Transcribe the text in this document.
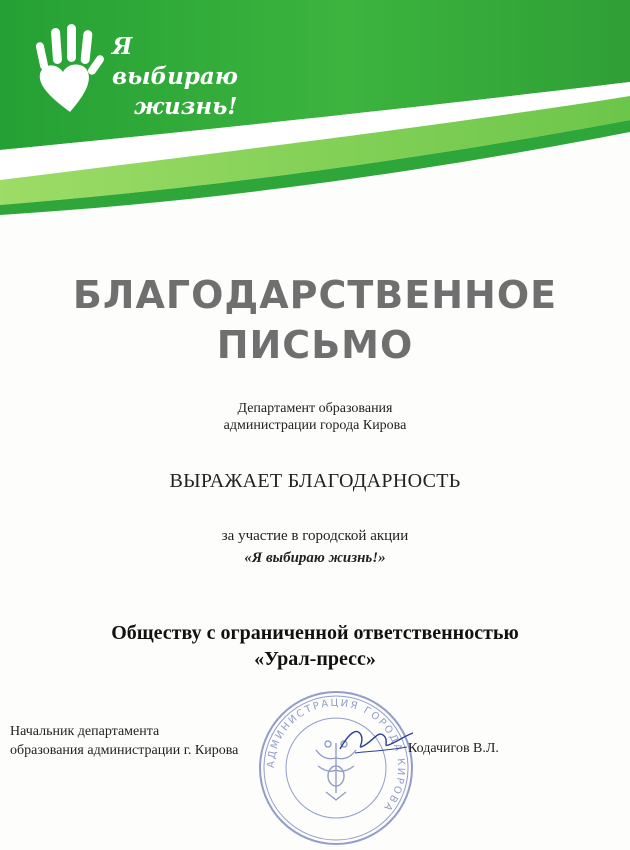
Я выбираю

жизнь!
БЛАГОДАРСТВЕННОЕ
ПИСЬМО
Департамент образования
администрации города Кирова
ВЫРАЖАЕТ БЛАГОДАРНОСТЬ
за участие в городской акции
«Я выбираю жизнь!»
Обществу с ограниченной ответственностью
«Урал-пресс»
АДМИНИСТРАЦИЯ ГОРОДА КИРОВА
Начальник департамента
образования администрации г. Кирова	Кодачигов В.Л.
